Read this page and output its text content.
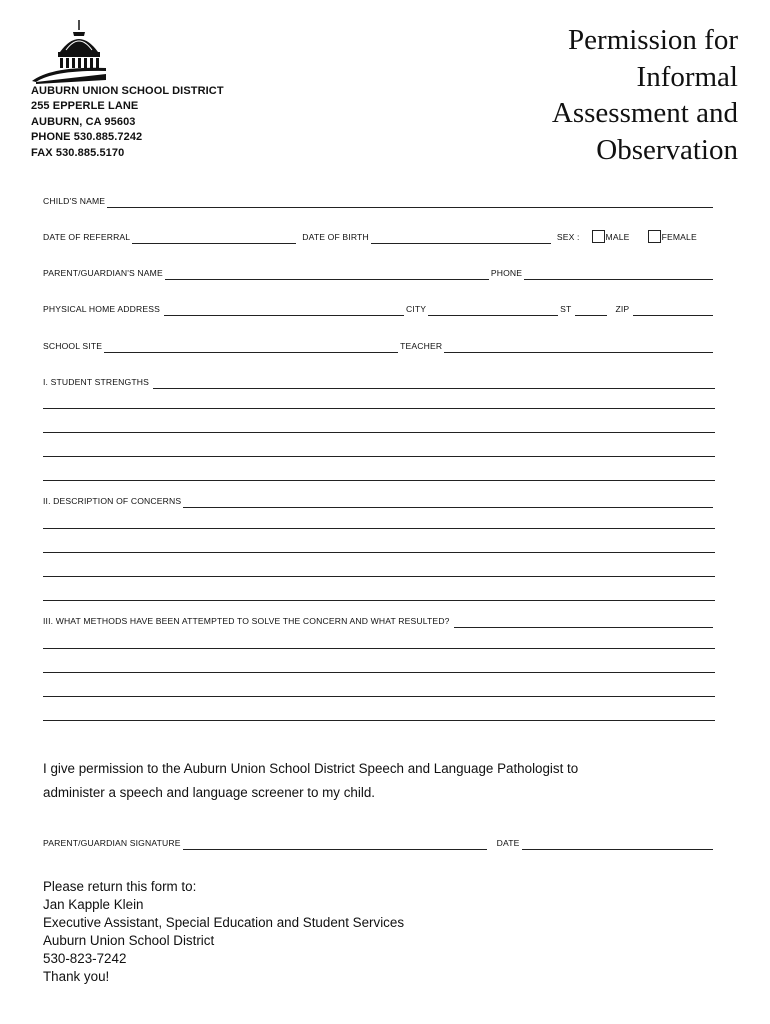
AUBURN UNION SCHOOL DISTRICT
255 EPPERLE LANE
AUBURN, CA 95603
PHONE 530.885.7242
FAX 530.885.5170
Permission for
Informal
Assessment and
Observation
CHILD'S NAME
DATE OF REFERRAL	DATE OF BIRTH	SEX :	MALE	FEMALE
PARENT/GUARDIAN'S NAME	PHONE
PHYSICAL HOME ADDRESS	CITY	ST	ZIP
SCHOOL SITE	TEACHER
I. STUDENT STRENGTHS
II. DESCRIPTION OF CONCERNS
III. WHAT METHODS HAVE BEEN ATTEMPTED TO SOLVE THE CONCERN AND WHAT RESULTED?
I give permission to the Auburn Union School District Speech and Language Pathologist to
administer a speech and language screener to my child.
PARENT/GUARDIAN SIGNATURE	DATE
Please return this form to:
Jan Kapple Klein
Executive Assistant, Special Education and Student Services
Auburn Union School District
530-823-7242
Thank you!
